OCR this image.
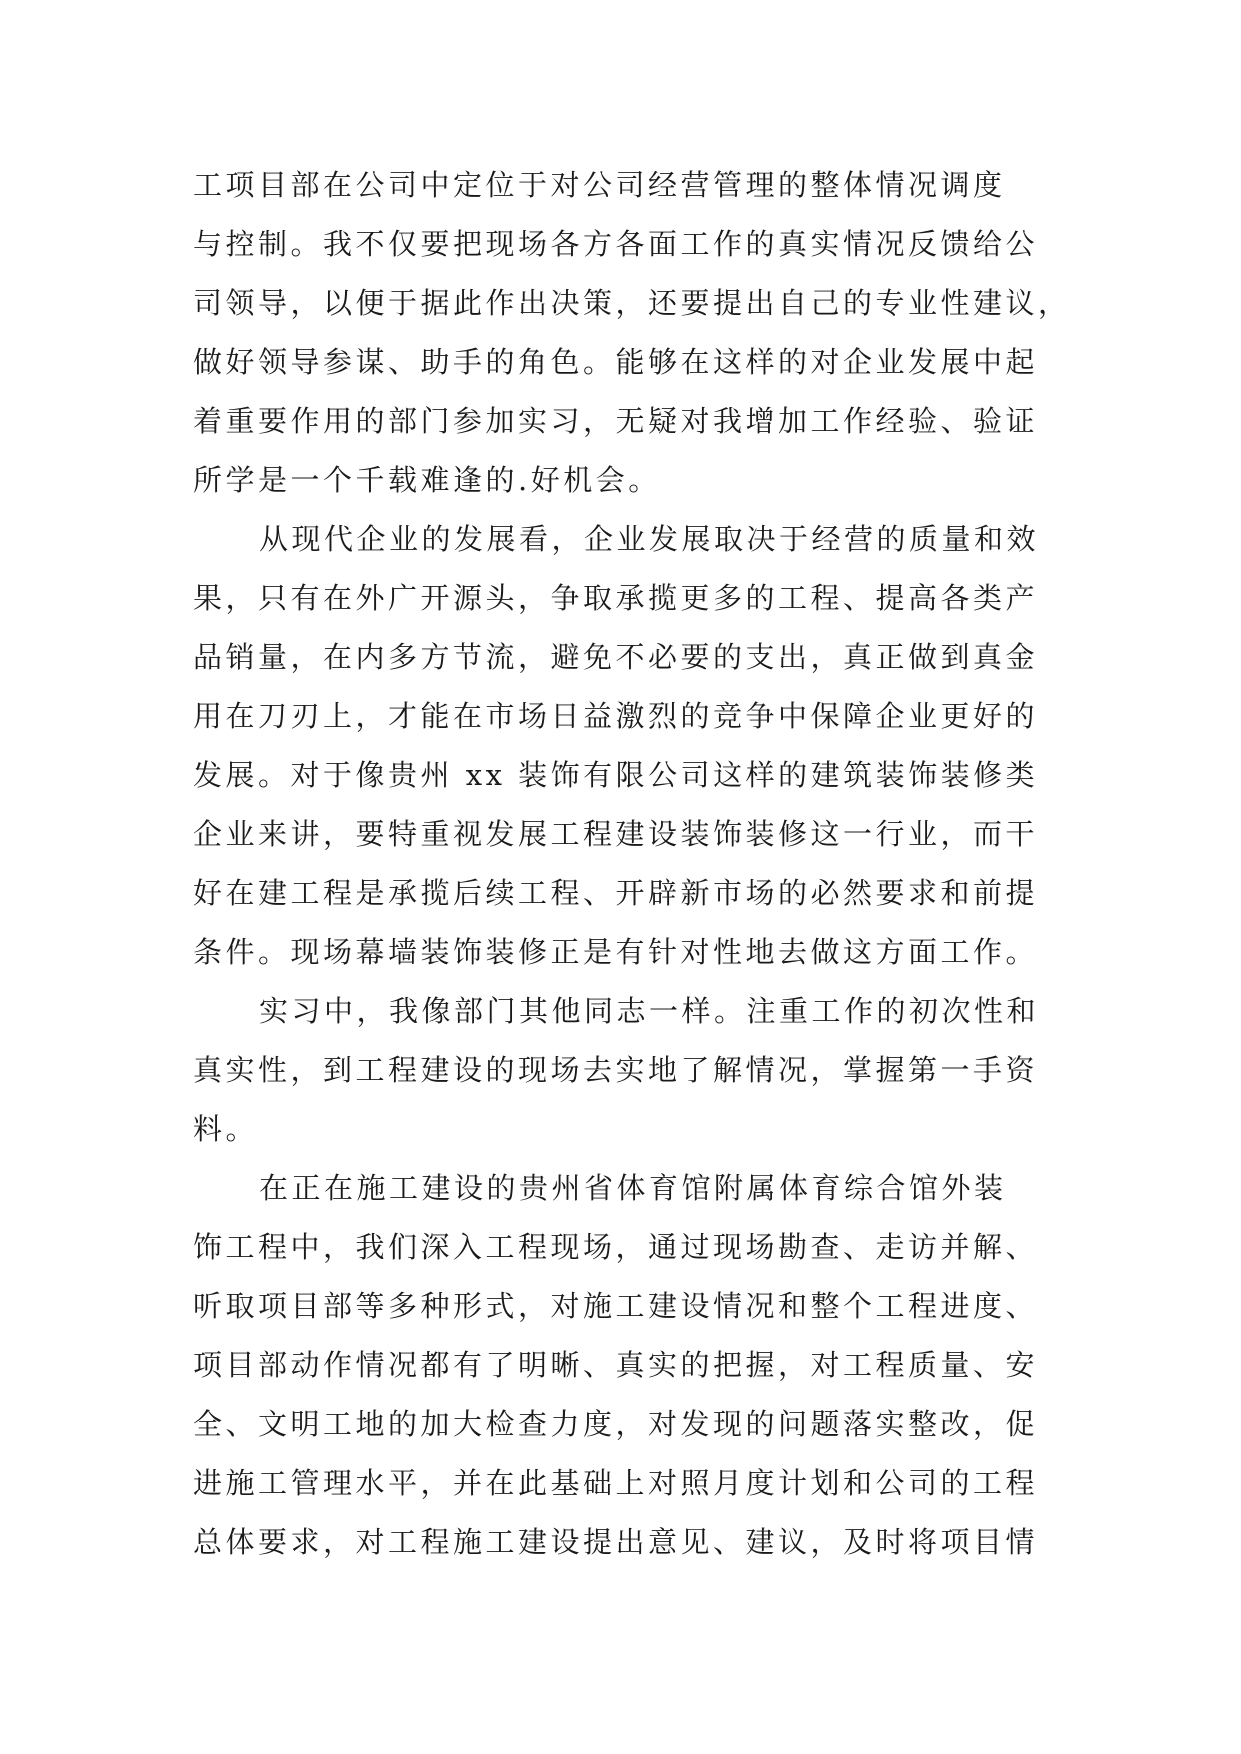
工项目部在公司中定位于对公司经营管理的整体情况调度
与控制。我不仅要把现场各方各面工作的真实情况反馈给公
司领导，以便于据此作出决策，还要提出自己的专业性建议，
做好领导参谋、助手的角色。能够在这样的对企业发展中起
着重要作用的部门参加实习，无疑对我增加工作经验、验证
所学是一个千载难逢的.好机会。
从现代企业的发展看，企业发展取决于经营的质量和效
果，只有在外广开源头，争取承揽更多的工程、提高各类产
品销量，在内多方节流，避免不必要的支出，真正做到真金
用在刀刃上，才能在市场日益激烈的竞争中保障企业更好的
发展。对于像贵州 xx 装饰有限公司这样的建筑装饰装修类
企业来讲，要特重视发展工程建设装饰装修这一行业，而干
好在建工程是承揽后续工程、开辟新市场的必然要求和前提
条件。现场幕墙装饰装修正是有针对性地去做这方面工作。
实习中，我像部门其他同志一样。注重工作的初次性和
真实性，到工程建设的现场去实地了解情况，掌握第一手资
料。
在正在施工建设的贵州省体育馆附属体育综合馆外装
饰工程中，我们深入工程现场，通过现场勘查、走访并解、
听取项目部等多种形式，对施工建设情况和整个工程进度、
项目部动作情况都有了明晰、真实的把握，对工程质量、安
全、文明工地的加大检查力度，对发现的问题落实整改，促
进施工管理水平，并在此基础上对照月度计划和公司的工程
总体要求，对工程施工建设提出意见、建议，及时将项目情
